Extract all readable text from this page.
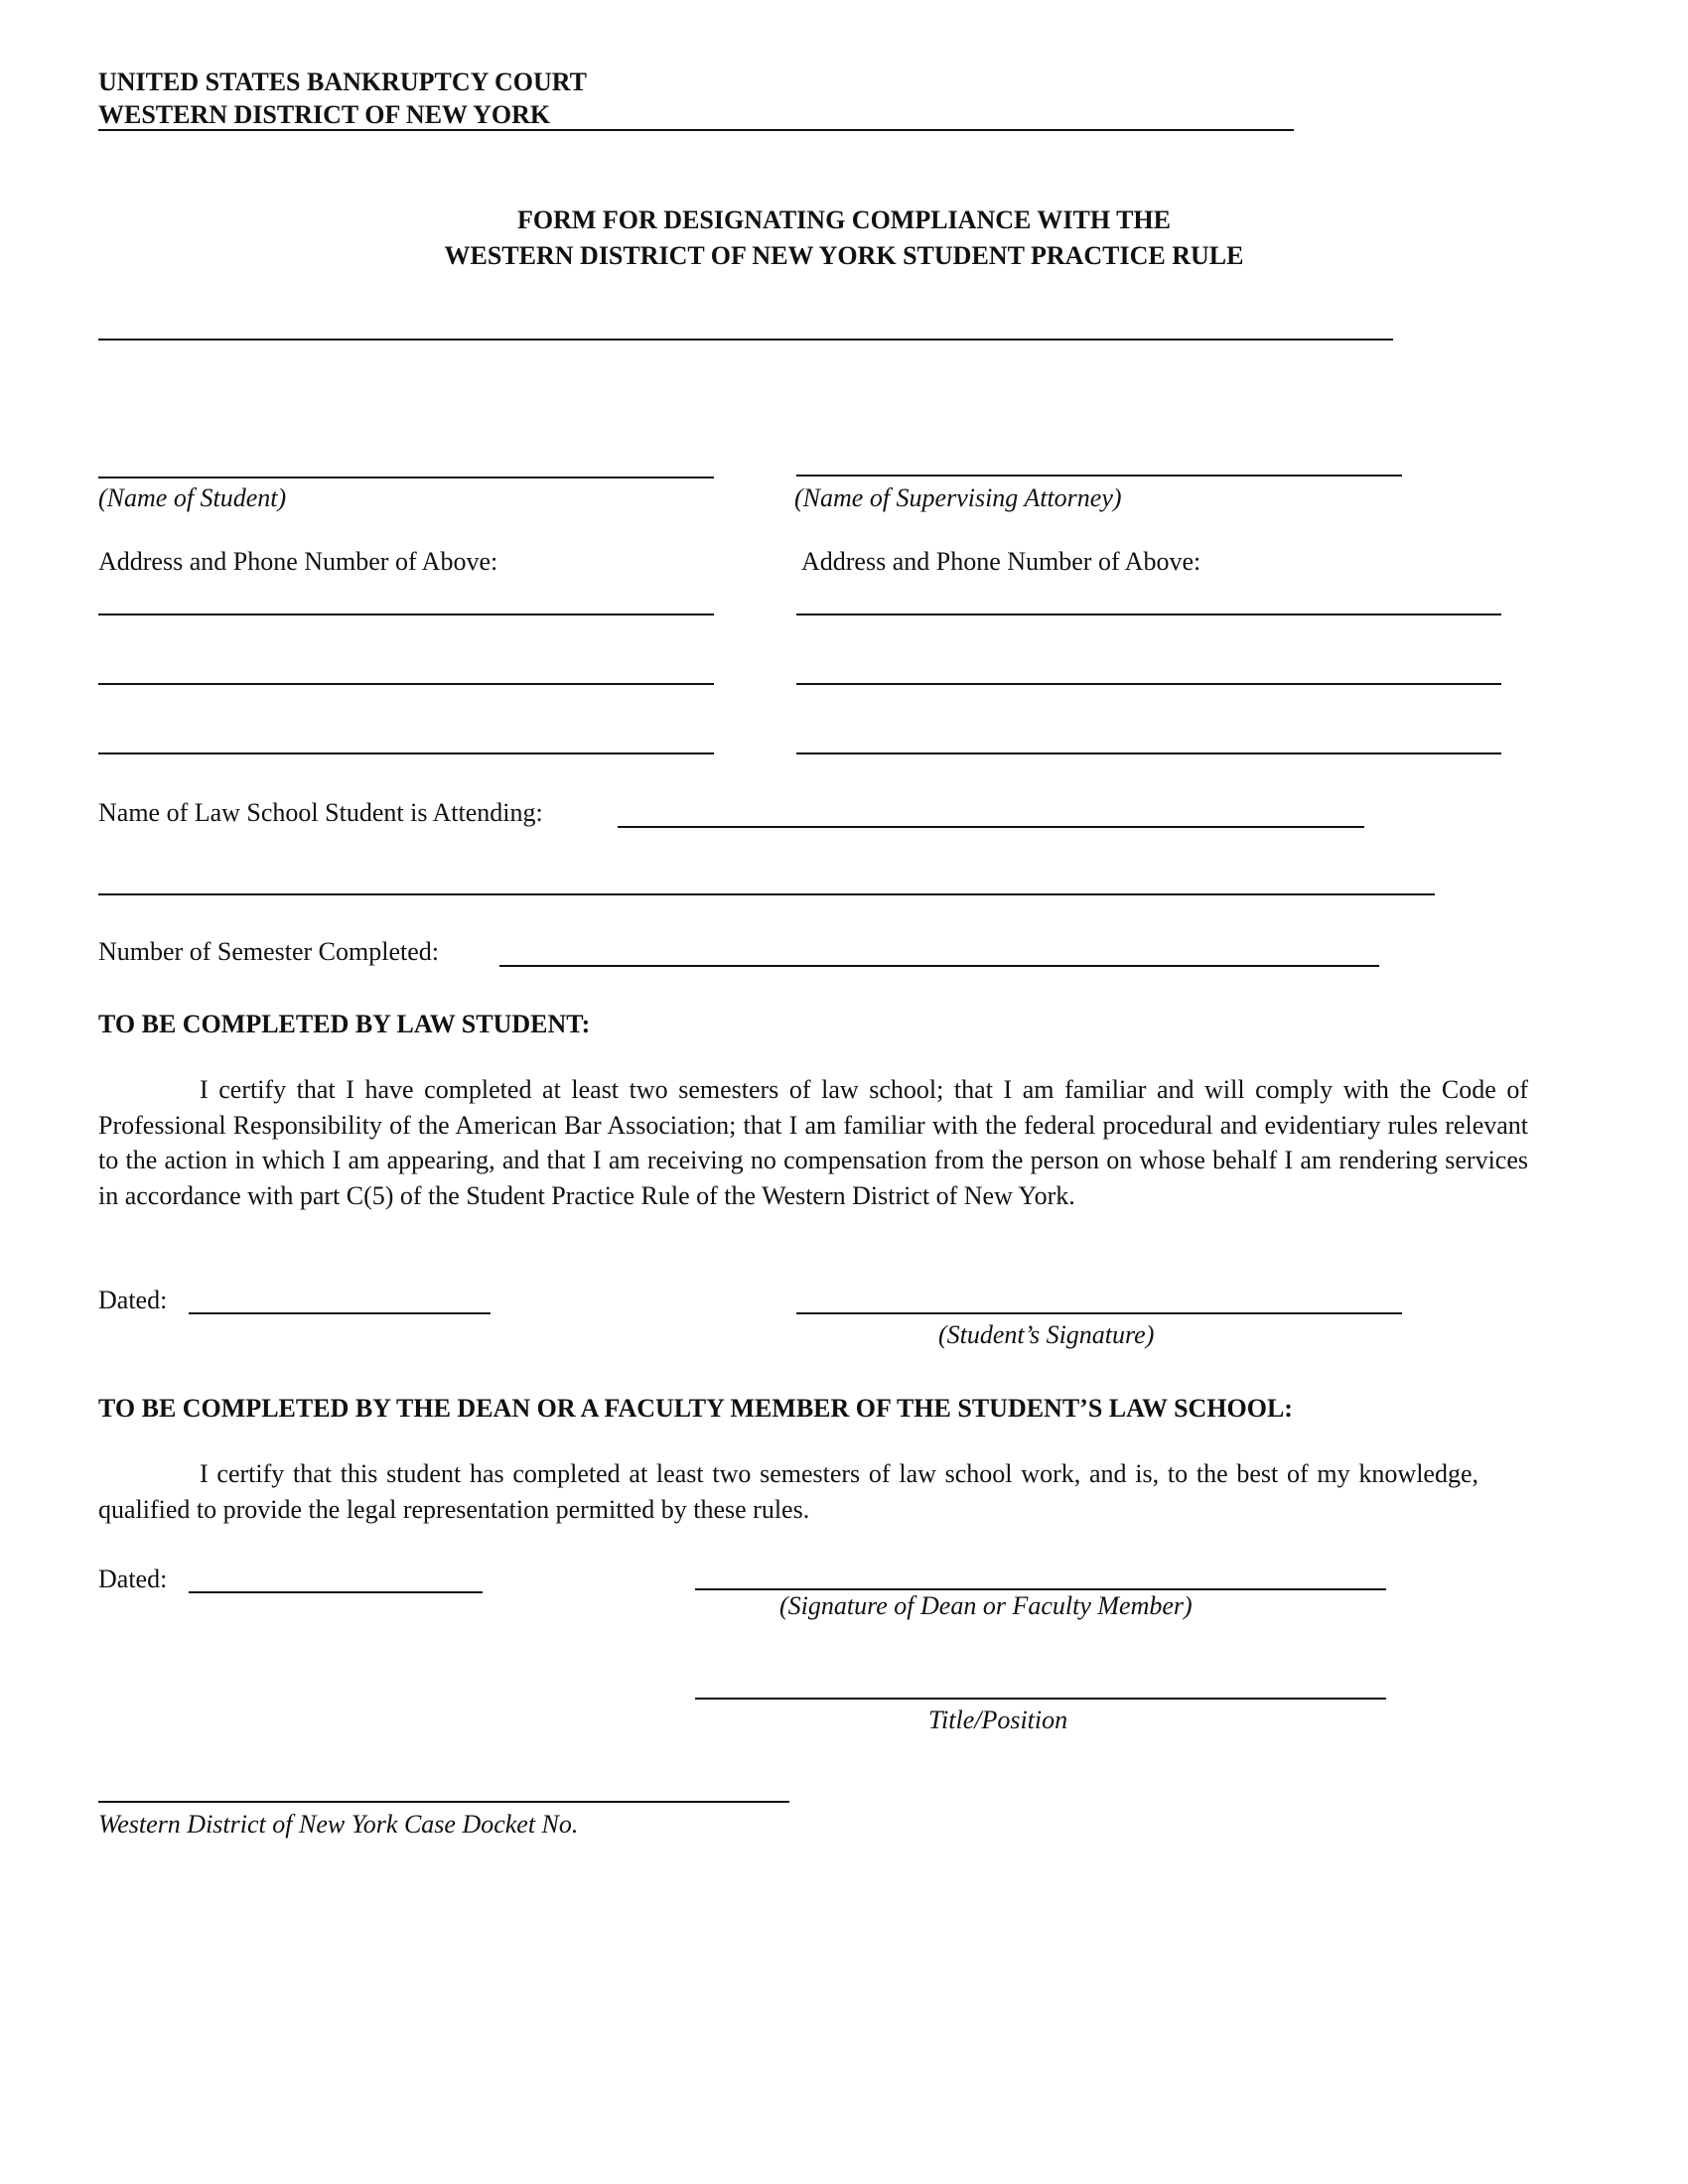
UNITED STATES BANKRUPTCY COURT
WESTERN DISTRICT OF NEW YORK
FORM FOR DESIGNATING COMPLIANCE WITH THE
WESTERN DISTRICT OF NEW YORK STUDENT PRACTICE RULE
(Name of Student)	(Name of Supervising Attorney)
Address and Phone Number of Above:	Address and Phone Number of Above:
Name of Law School Student is Attending:
Number of Semester Completed:
TO BE COMPLETED BY LAW STUDENT:
I certify that I have completed at least two semesters of law school; that I am familiar and will comply with the Code of Professional Responsibility of the American Bar Association; that I am familiar with the federal procedural and evidentiary rules relevant to the action in which I am appearing, and that I am receiving no compensation from the person on whose behalf I am rendering services in accordance with part C(5) of the Student Practice Rule of the Western District of New York.
Dated:
(Student’s Signature)
TO BE COMPLETED BY THE DEAN OR A FACULTY MEMBER OF THE STUDENT’S LAW SCHOOL:
I certify that this student has completed at least two semesters of law school work, and is, to the best of my knowledge, qualified to provide the legal representation permitted by these rules.
Dated:
(Signature of Dean or Faculty Member)
Title/Position
Western District of New York Case Docket No.
